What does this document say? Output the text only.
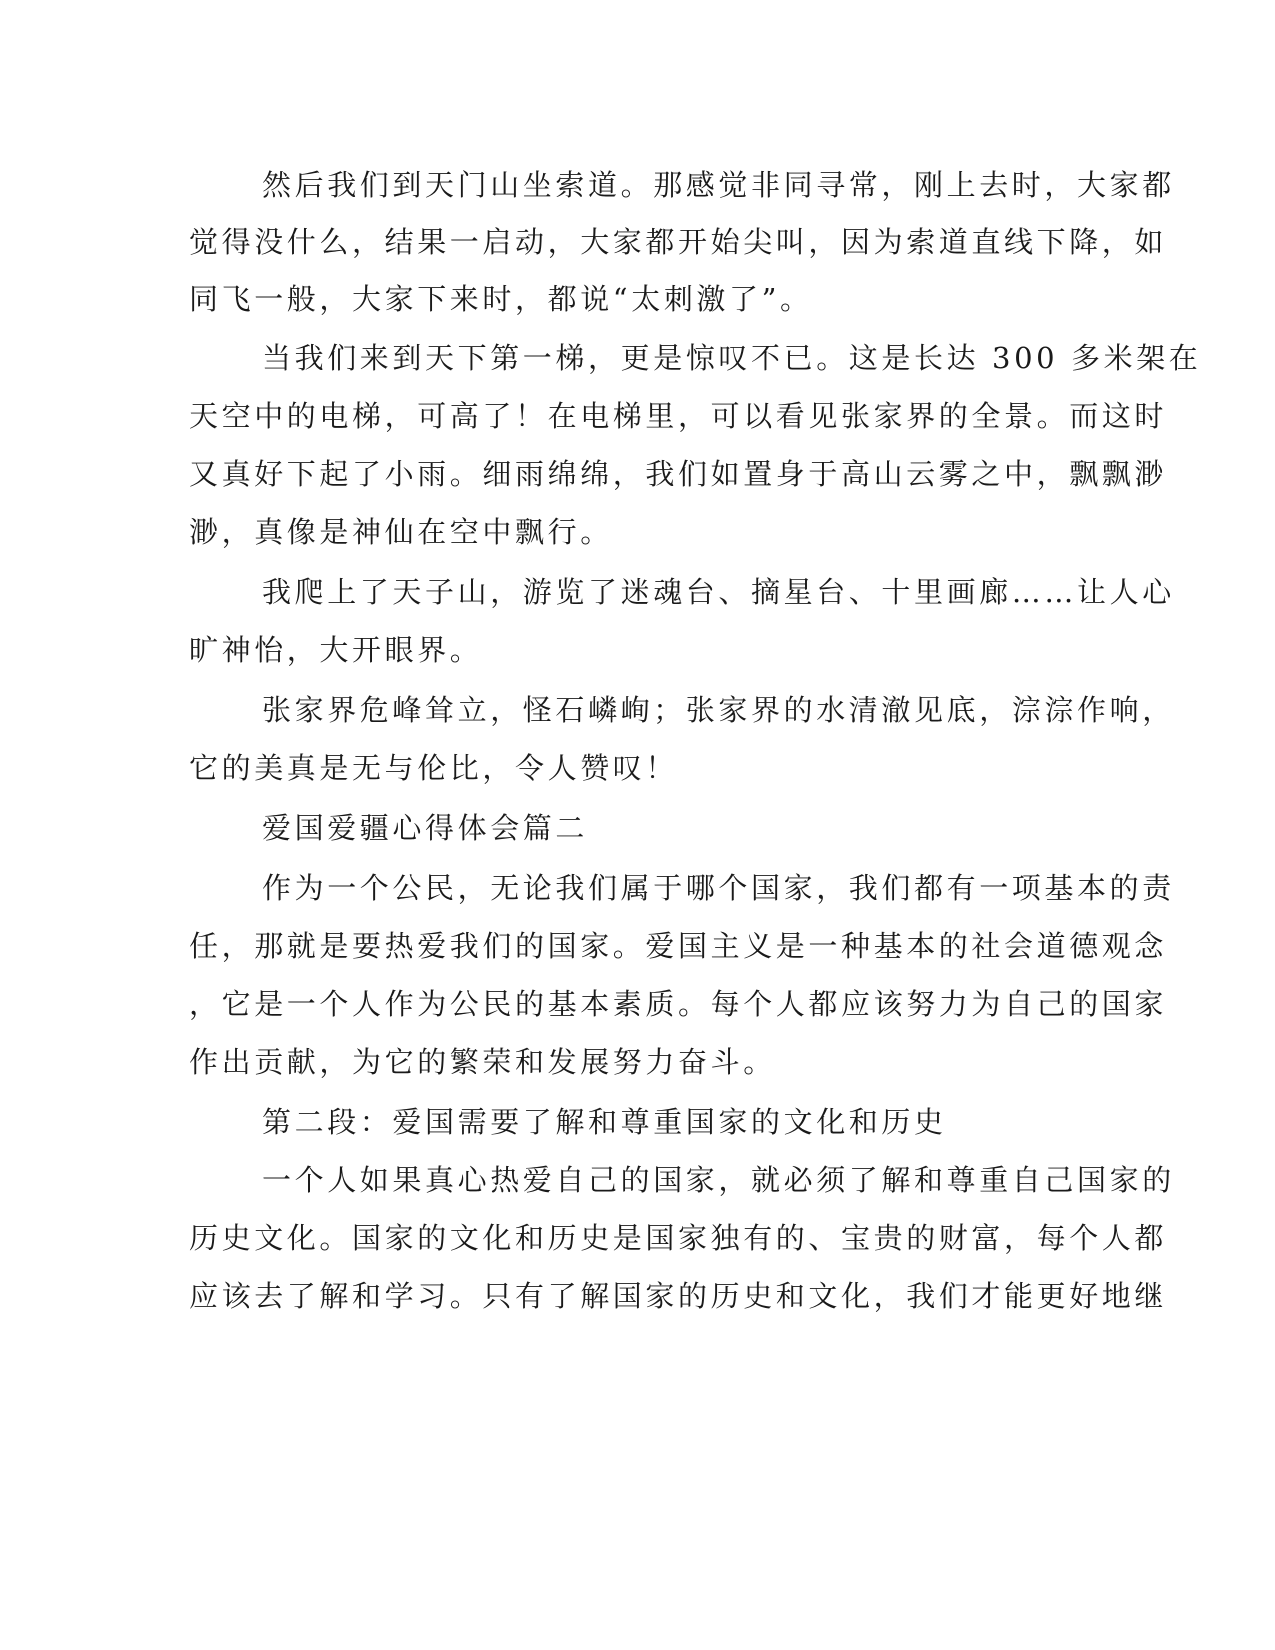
然后我们到天门山坐索道。那感觉非同寻常，刚上去时，大家都

觉得没什么，结果一启动，大家都开始尖叫，因为索道直线下降，如

同飞一般，大家下来时，都说“太刺激了”。

当我们来到天下第一梯，更是惊叹不已。这是长达 300 多米架在

天空中的电梯，可高了！在电梯里，可以看见张家界的全景。而这时

又真好下起了小雨。细雨绵绵，我们如置身于高山云雾之中，飘飘渺

渺，真像是神仙在空中飘行。

我爬上了天子山，游览了迷魂台、摘星台、十里画廊……让人心

旷神怡，大开眼界。

张家界危峰耸立，怪石嶙峋；张家界的水清澈见底，淙淙作响，

它的美真是无与伦比，令人赞叹！

爱国爱疆心得体会篇二

作为一个公民，无论我们属于哪个国家，我们都有一项基本的责

任，那就是要热爱我们的国家。爱国主义是一种基本的社会道德观念

，它是一个人作为公民的基本素质。每个人都应该努力为自己的国家

作出贡献，为它的繁荣和发展努力奋斗。

第二段：爱国需要了解和尊重国家的文化和历史

一个人如果真心热爱自己的国家，就必须了解和尊重自己国家的

历史文化。国家的文化和历史是国家独有的、宝贵的财富，每个人都

应该去了解和学习。只有了解国家的历史和文化，我们才能更好地继
